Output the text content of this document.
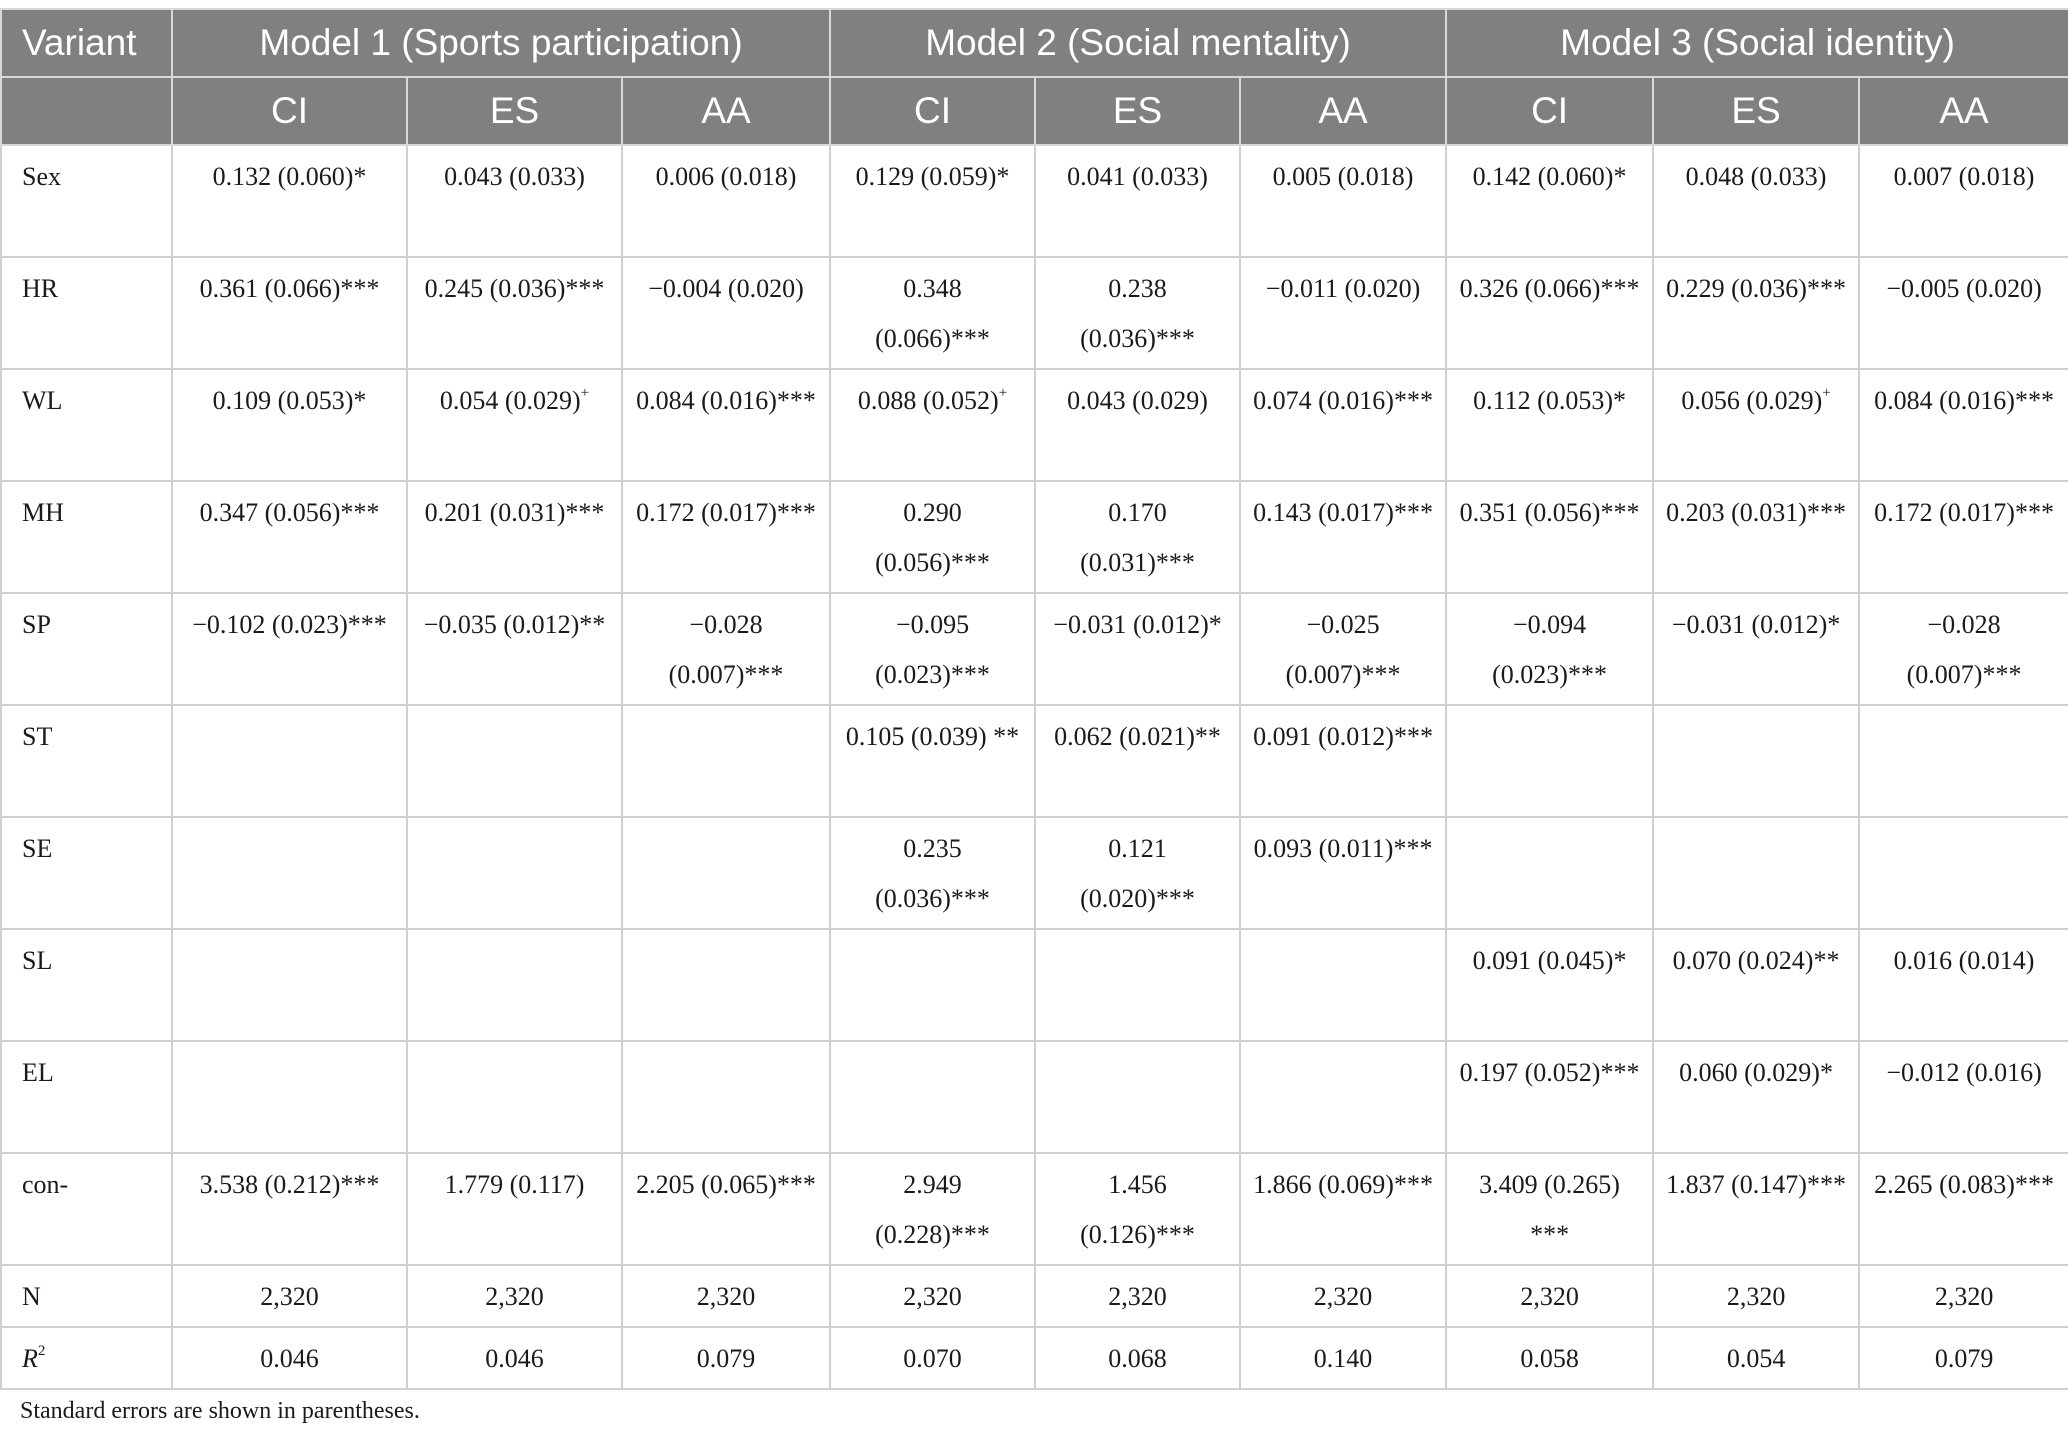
Variant	Model 1 (Sports participation)			Model 2 (Social mentality)			Model 3 (Social identity)		
	CI	ES	AA	CI	ES	AA	CI	ES	AA
Sex	0.132 (0.060)*	0.043 (0.033)	0.006 (0.018)	0.129 (0.059)*	0.041 (0.033)	0.005 (0.018)	0.142 (0.060)*	0.048 (0.033)	0.007 (0.018)
HR	0.361 (0.066)***	0.245 (0.036)***	−0.004 (0.020)	0.348 (0.066)***	0.238 (0.036)***	−0.011 (0.020)	0.326 (0.066)***	0.229 (0.036)***	−0.005 (0.020)
WL	0.109 (0.053)*	0.054 (0.029)+	0.084 (0.016)***	0.088 (0.052)+	0.043 (0.029)	0.074 (0.016)***	0.112 (0.053)*	0.056 (0.029)+	0.084 (0.016)***
MH	0.347 (0.056)***	0.201 (0.031)***	0.172 (0.017)***	0.290 (0.056)***	0.170 (0.031)***	0.143 (0.017)***	0.351 (0.056)***	0.203 (0.031)***	0.172 (0.017)***
SP	−0.102 (0.023)***	−0.035 (0.012)**	−0.028 (0.007)***	−0.095 (0.023)***	−0.031 (0.012)*	−0.025 (0.007)***	−0.094 (0.023)***	−0.031 (0.012)*	−0.028 (0.007)***
ST				0.105 (0.039) **	0.062 (0.021)**	0.091 (0.012)***			
SE				0.235 (0.036)***	0.121 (0.020)***	0.093 (0.011)***			
SL							0.091 (0.045)*	0.070 (0.024)**	0.016 (0.014)
EL							0.197 (0.052)***	0.060 (0.029)*	−0.012 (0.016)
con-	3.538 (0.212)***	1.779 (0.117)	2.205 (0.065)***	2.949 (0.228)***	1.456 (0.126)***	1.866 (0.069)***	3.409 (0.265) ***	1.837 (0.147)***	2.265 (0.083)***
N	2,320	2,320	2,320	2,320	2,320	2,320	2,320	2,320	2,320
$R^2$	0.046	0.046	0.079	0.070	0.068	0.140	0.058	0.054	0.079
Standard errors are shown in parentheses.
